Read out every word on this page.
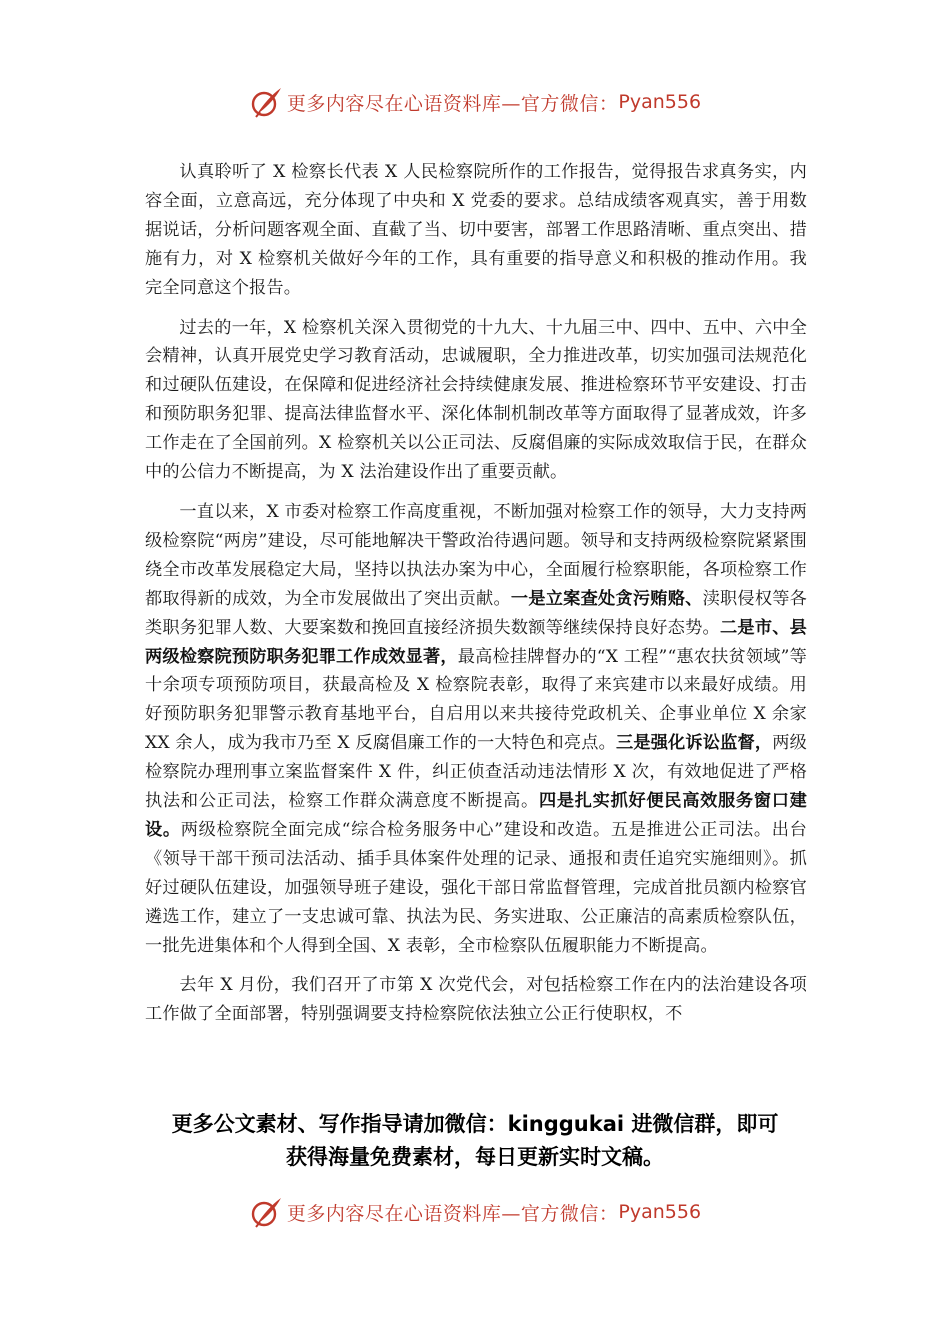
更多内容尽在心语资料库—官方微信： Pyan556

认真聆听了 X 检察长代表 X 人民检察院所作的工作报告，觉得报告求真务实，内容全面，立意高远，充分体现了中央和 X 党委的要求。总结成绩客观真实，善于用数据说话，分析问题客观全面、直截了当、切中要害，部署工作思路清晰、重点突出、措施有力，对 X 检察机关做好今年的工作，具有重要的指导意义和积极的推动作用。我完全同意这个报告。

过去的一年，X 检察机关深入贯彻党的十九大、十九届三中、四中、五中、六中全会精神，认真开展党史学习教育活动，忠诚履职，全力推进改革，切实加强司法规范化和过硬队伍建设，在保障和促进经济社会持续健康发展、推进检察环节平安建设、打击和预防职务犯罪、提高法律监督水平、深化体制机制改革等方面取得了显著成效，许多工作走在了全国前列。X 检察机关以公正司法、反腐倡廉的实际成效取信于民，在群众中的公信力不断提高，为 X 法治建设作出了重要贡献。

一直以来，X 市委对检察工作高度重视，不断加强对检察工作的领导，大力支持两级检察院“两房”建设，尽可能地解决干警政治待遇问题。领导和支持两级检察院紧紧围绕全市改革发展稳定大局，坚持以执法办案为中心，全面履行检察职能，各项检察工作都取得新的成效，为全市发展做出了突出贡献。一是立案查处贪污贿赂、渎职侵权等各类职务犯罪人数、大要案数和挽回直接经济损失数额等继续保持良好态势。二是市、县两级检察院预防职务犯罪工作成效显著，最高检挂牌督办的“X 工程”“惠农扶贫领域”等十余项专项预防项目，获最高检及 X 检察院表彰，取得了来宾建市以来最好成绩。用好预防职务犯罪警示教育基地平台，自启用以来共接待党政机关、企事业单位 X 余家 XX 余人，成为我市乃至 X 反腐倡廉工作的一大特色和亮点。三是强化诉讼监督，两级检察院办理刑事立案监督案件 X 件，纠正侦查活动违法情形 X 次，有效地促进了严格执法和公正司法，检察工作群众满意度不断提高。四是扎实抓好便民高效服务窗口建设。两级检察院全面完成“综合检务服务中心”建设和改造。五是推进公正司法。出台《领导干部干预司法活动、插手具体案件处理的记录、通报和责任追究实施细则》。抓好过硬队伍建设，加强领导班子建设，强化干部日常监督管理，完成首批员额内检察官遴选工作，建立了一支忠诚可靠、执法为民、务实进取、公正廉洁的高素质检察队伍，一批先进集体和个人得到全国、X 表彰，全市检察队伍履职能力不断提高。

去年 X 月份，我们召开了市第 X 次党代会，对包括检察工作在内的法治建设各项工作做了全面部署，特别强调要支持检察院依法独立公正行使职权，不

更多公文素材、写作指导请加微信：kinggukai 进微信群，即可
获得海量免费素材，每日更新实时文稿。
更多内容尽在心语资料库—官方微信： Pyan556
